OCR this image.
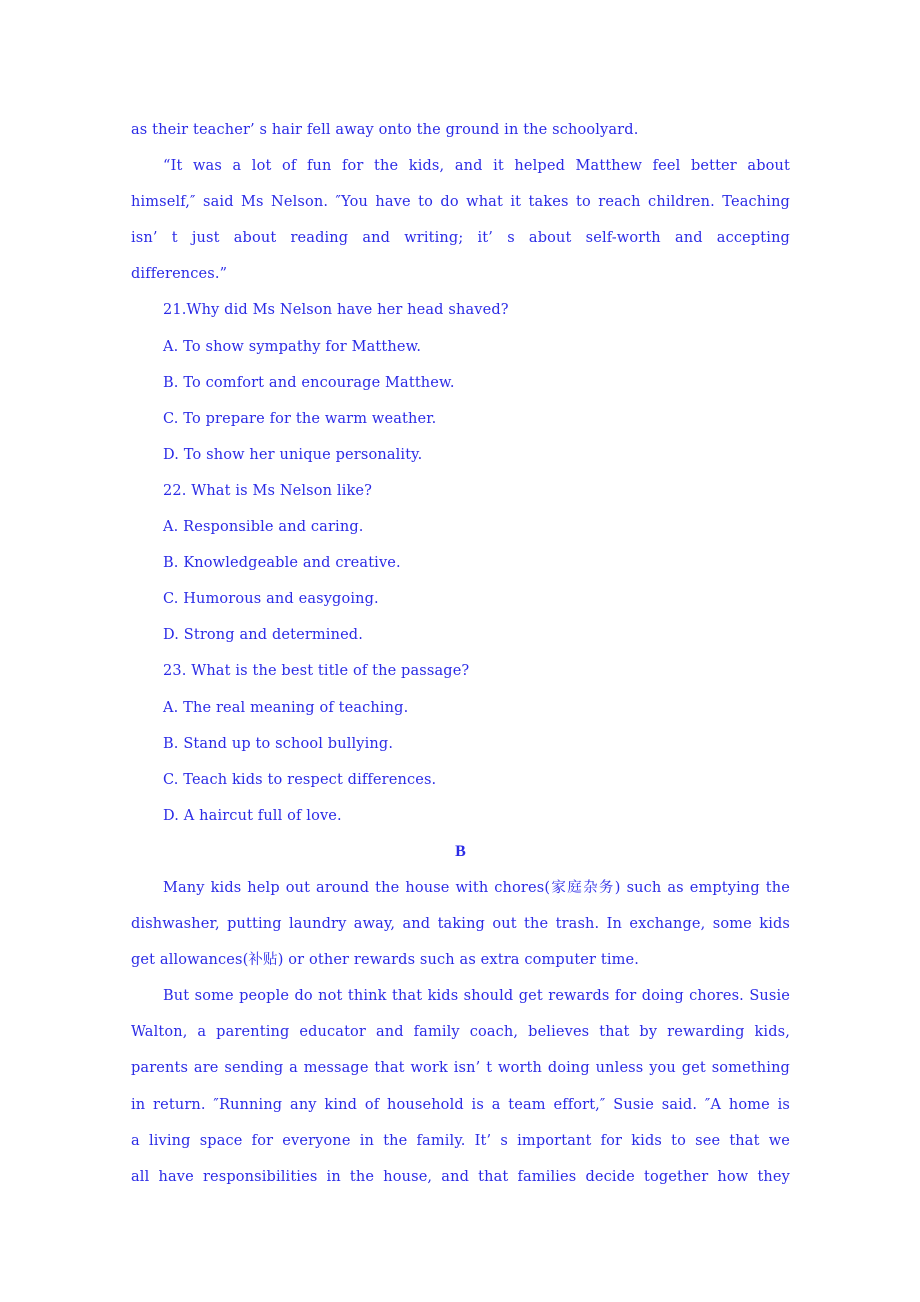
as their teacher’ s hair fell away onto the ground in the schoolyard.
“It was a lot of fun for the kids, and it helped Matthew feel better about
himself,″ said Ms Nelson. ″You have to do what it takes to reach children. Teaching
isn’ t just about reading and writing; it’ s about self-worth and accepting
differences.”
21.Why did Ms Nelson have her head shaved?
A. To show sympathy for Matthew.
B. To comfort and encourage Matthew.
C. To prepare for the warm weather.
D. To show her unique personality.
22. What is Ms Nelson like?
A. Responsible and caring.
B. Knowledgeable and creative.
C. Humorous and easygoing.
D. Strong and determined.
23. What is the best title of the passage?
A. The real meaning of teaching.
B. Stand up to school bullying.
C. Teach kids to respect differences.
D. A haircut full of love.
B
Many kids help out around the house with chores(家庭杂务) such as emptying the
dishwasher, putting laundry away, and taking out the trash. In exchange, some kids
get allowances(补贴) or other rewards such as extra computer time.
But some people do not think that kids should get rewards for doing chores. Susie
Walton, a parenting educator and family coach, believes that by rewarding kids,
parents are sending a message that work isn’ t worth doing unless you get something
in return. ″Running any kind of household is a team effort,″ Susie said. ″A home is
a living space for everyone in the family. It’ s important for kids to see that we
all have responsibilities in the house, and that families decide together how they
